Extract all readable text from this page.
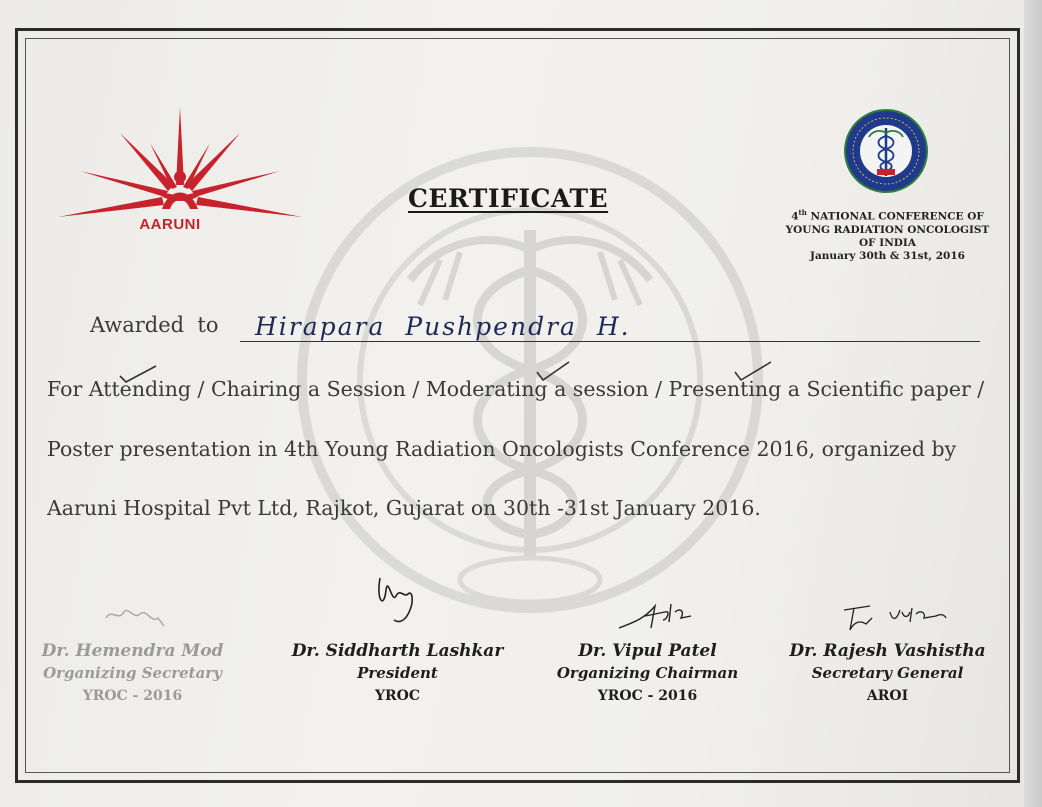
AARUNI
CERTIFICATE
4th NATIONAL CONFERENCE OF
YOUNG RADIATION ONCOLOGIST
OF INDIA
January 30th & 31st, 2016
Awarded  to Hirapara  Pushpendra  H.
For Attending / Chairing a Session / Moderating a session / Presenting a Scientific paper /
Poster presentation in 4th Young Radiation Oncologists Conference 2016, organized by
Aaruni Hospital Pvt Ltd, Rajkot, Gujarat on 30th -31st January 2016.
Dr. Hemendra Mod
Organizing Secretary
YROC - 2016
Dr. Siddharth Lashkar
President
YROC
Dr. Vipul Patel
Organizing Chairman
YROC - 2016
Dr. Rajesh Vashistha
Secretary General
AROI
